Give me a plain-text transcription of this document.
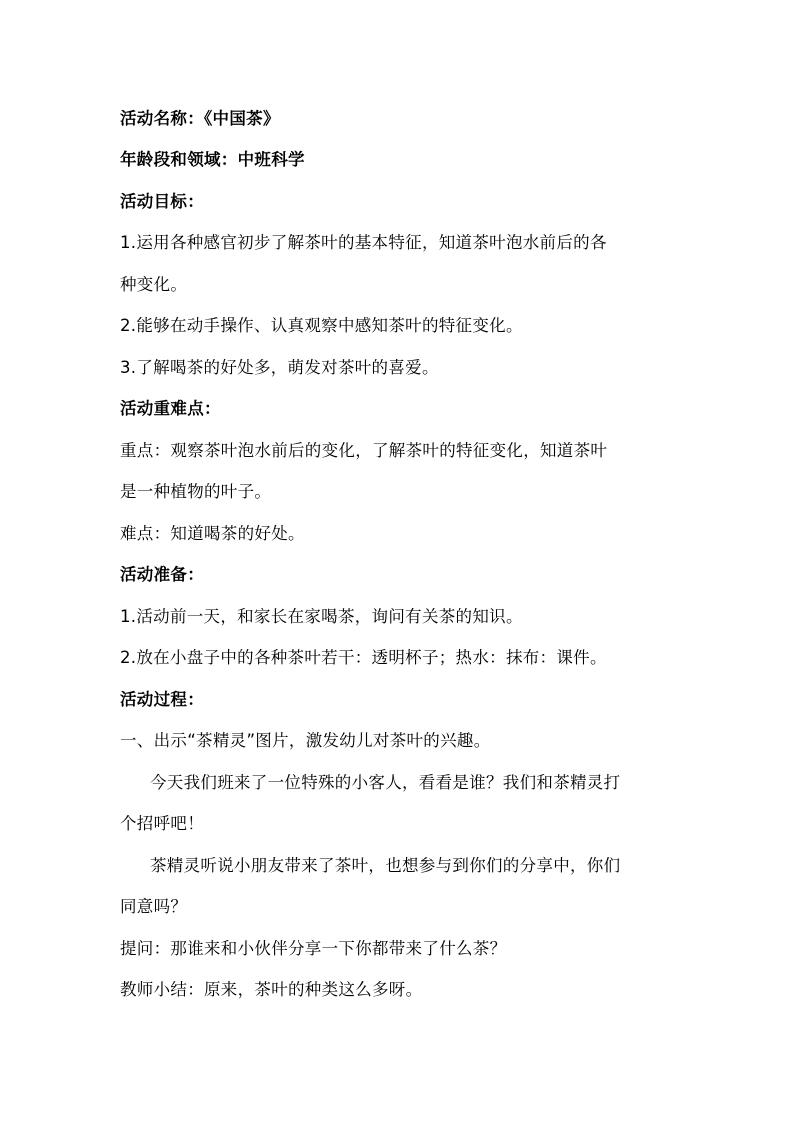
活动名称：《中国茶》
年龄段和领域：中班科学
活动目标：
1.运用各种感官初步了解茶叶的基本特征，知道茶叶泡水前后的各
种变化。
2.能够在动手操作、认真观察中感知茶叶的特征变化。
3.了解喝茶的好处多，萌发对茶叶的喜爱。
活动重难点：
重点：观察茶叶泡水前后的变化，了解茶叶的特征变化，知道茶叶
是一种植物的叶子。
难点：知道喝茶的好处。
活动准备：
1.活动前一天，和家长在家喝茶，询问有关茶的知识。
2.放在小盘子中的各种茶叶若干：透明杯子；热水：抹布：课件。
活动过程：
一、出示“茶精灵”图片，激发幼儿对茶叶的兴趣。
今天我们班来了一位特殊的小客人，看看是谁？我们和茶精灵打
个招呼吧！
茶精灵听说小朋友带来了茶叶，也想参与到你们的分享中，你们
同意吗？
提问：那谁来和小伙伴分享一下你都带来了什么茶？
教师小结：原来，茶叶的种类这么多呀。
